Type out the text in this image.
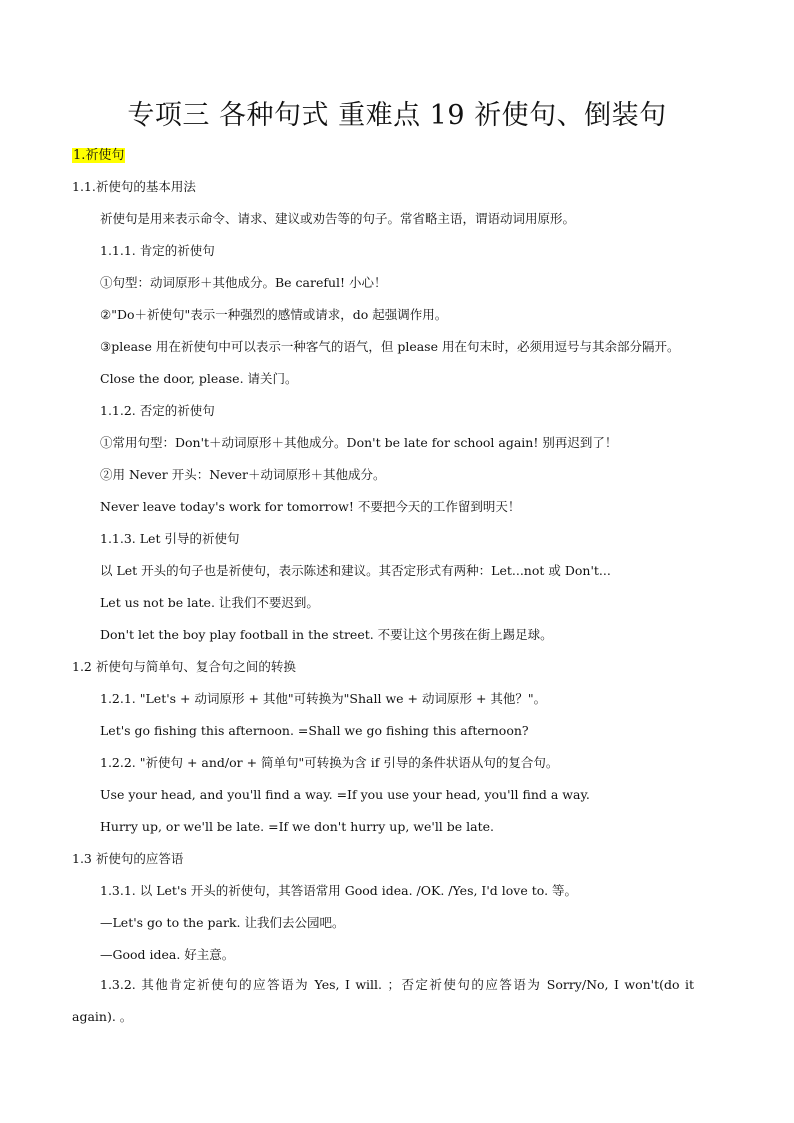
专项三 各种句式 重难点 19 祈使句、倒装句
1.祈使句
1.1.祈使句的基本用法
祈使句是用来表示命令、请求、建议或劝告等的句子。常省略主语，谓语动词用原形。
1.1.1. 肯定的祈使句
①句型：动词原形＋其他成分。Be careful! 小心！
②"Do＋祈使句"表示一种强烈的感情或请求，do 起强调作用。
③please 用在祈使句中可以表示一种客气的语气，但 please 用在句末时，必须用逗号与其余部分隔开。
Close the door, please. 请关门。
1.1.2. 否定的祈使句
①常用句型：Don't＋动词原形＋其他成分。Don't be late for school again! 别再迟到了！
②用 Never 开头：Never＋动词原形＋其他成分。
Never leave today's work for tomorrow! 不要把今天的工作留到明天！
1.1.3. Let 引导的祈使句
以 Let 开头的句子也是祈使句，表示陈述和建议。其否定形式有两种：Let...not 或 Don't...
Let us not be late. 让我们不要迟到。
Don't let the boy play football in the street. 不要让这个男孩在街上踢足球。
1.2 祈使句与简单句、复合句之间的转换
1.2.1. "Let's + 动词原形 + 其他"可转换为"Shall we + 动词原形 + 其他？"。
Let's go fishing this afternoon. =Shall we go fishing this afternoon?
1.2.2. "祈使句 + and/or + 简单句"可转换为含 if 引导的条件状语从句的复合句。
Use your head, and you'll find a way. =If you use your head, you'll find a way.
Hurry up, or we'll be late. =If we don't hurry up, we'll be late.
1.3 祈使句的应答语
1.3.1. 以 Let's 开头的祈使句，其答语常用 Good idea. /OK. /Yes, I'd love to. 等。
—Let's go to the park. 让我们去公园吧。
—Good idea. 好主意。
1.3.2. 其他肯定祈使句的应答语为 Yes, I will. ；否定祈使句的应答语为 Sorry/No, I won't(do it again). 。
